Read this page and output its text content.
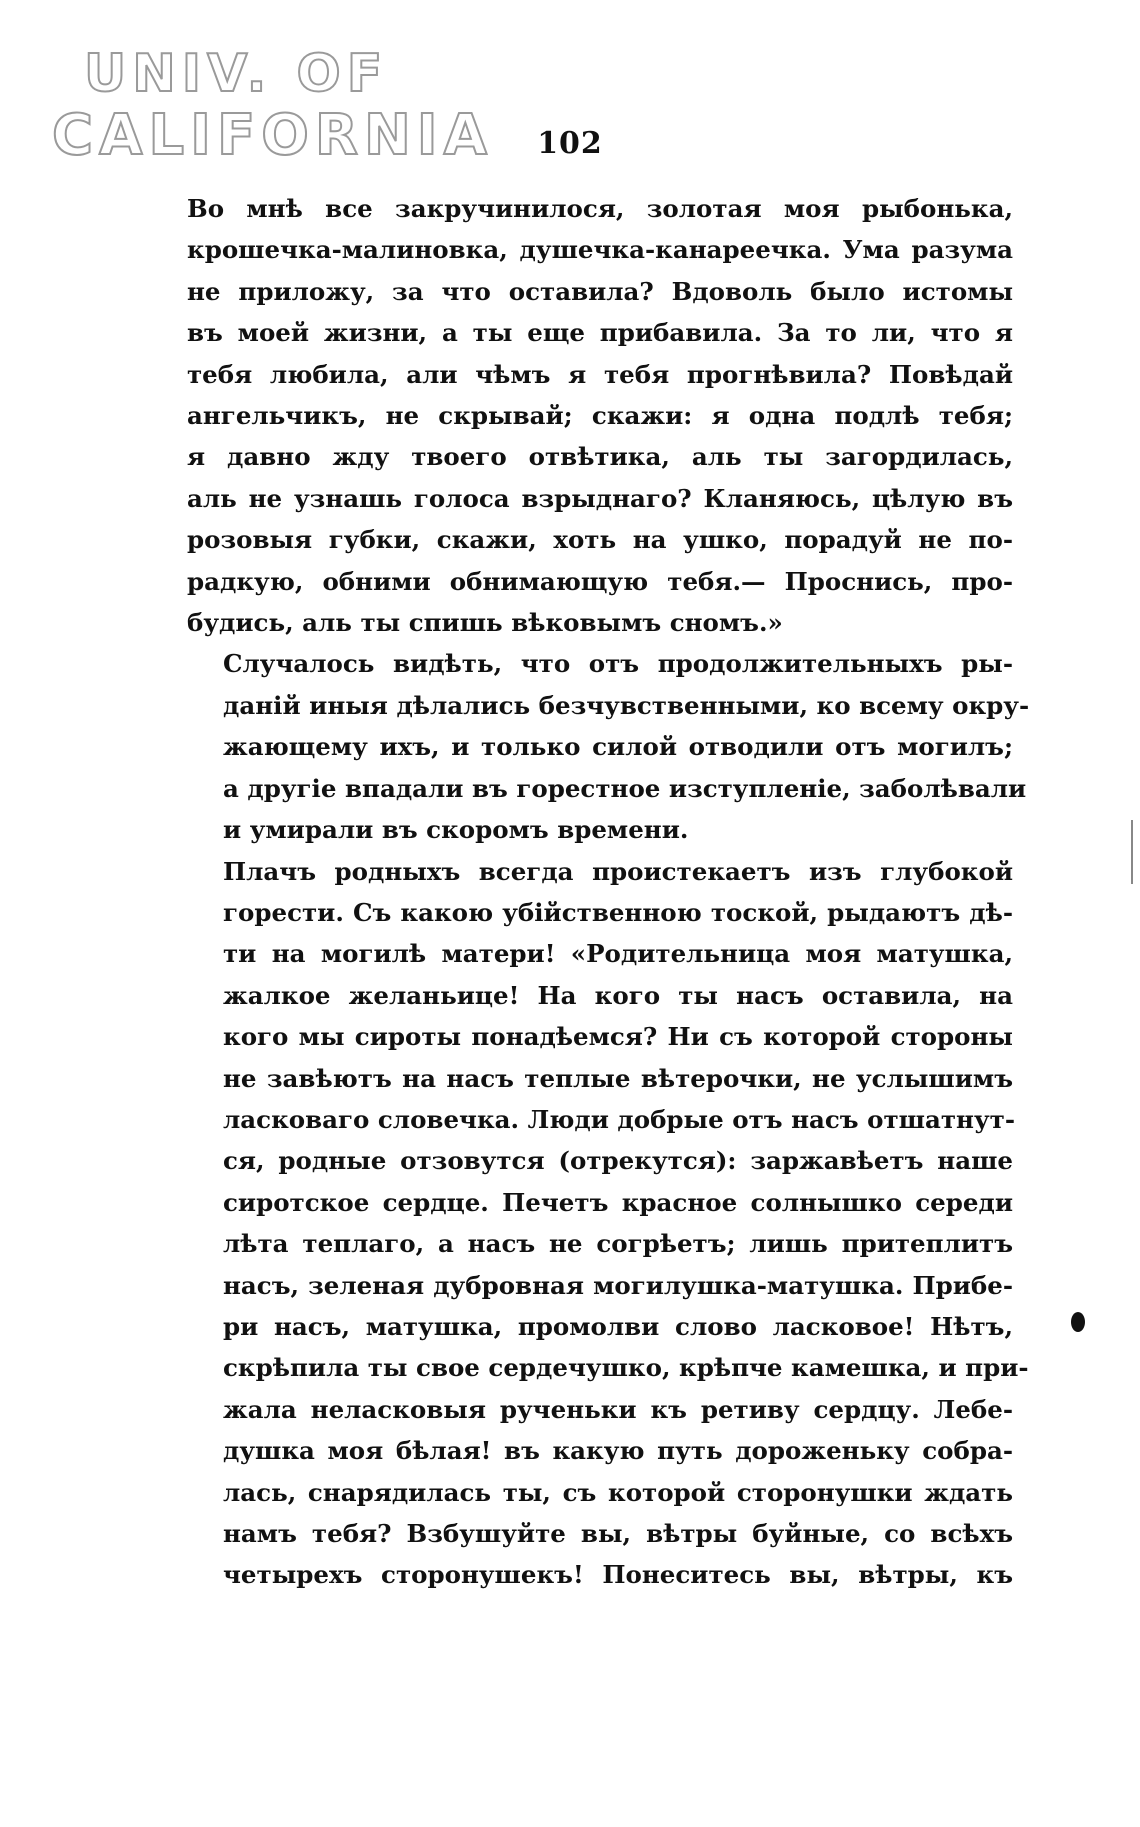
UNIV. OF
CALIFORNIA	102
Во мнѣ все закручинилося, золотая моя рыбонька,
крошечка-малиновка, душечка-канареечка. Ума разума
не приложу, за что оставила? Вдоволь было истомы
въ моей жизни, а ты еще прибавила. За то ли, что я
тебя любила, али чѣмъ я тебя прогнѣвила? Повѣдай
ангельчикъ, не скрывай; скажи: я одна подлѣ тебя;
я давно жду твоего отвѣтика, аль ты загордилась,
аль не узнашь голоса взрыднаго? Кланяюсь, цѣлую въ
розовыя губки, скажи, хоть на ушко, порадуй не по-
радкую, обними обнимающую тебя.— Проснись, про-
будись, аль ты спишь вѣковымъ сномъ.»
Случалось видѣть, что отъ продолжительныхъ ры-
даній иныя дѣлались безчувственными, ко всему окру-
жающему ихъ, и только силой отводили отъ могилъ;
а другіе впадали въ горестное изступленіе, заболѣвали
и умирали въ скоромъ времени.
Плачъ родныхъ всегда проистекаетъ изъ глубокой
горести. Съ какою убійственною тоской, рыдаютъ дѣ-
ти на могилѣ матери! «Родительница моя матушка,
жалкое желаньице! На кого ты насъ оставила, на
кого мы сироты понадѣемся? Ни съ которой стороны
не завѣютъ на насъ теплые вѣтерочки, не услышимъ
ласковаго словечка. Люди добрые отъ насъ отшатнут-
ся, родные отзовутся (отрекутся): заржавѣетъ наше
сиротское сердце. Печетъ красное солнышко середи
лѣта теплаго, а насъ не согрѣетъ; лишь притеплитъ
насъ, зеленая дубровная могилушка-матушка. Прибе-
ри насъ, матушка, промолви слово ласковое! Нѣтъ,
скрѣпила ты свое сердечушко, крѣпче камешка, и при-
жала неласковыя рученьки къ ретиву сердцу. Лебе-
душка моя бѣлая! въ какую путь дороженьку собра-
лась, снарядилась ты, съ которой сторонушки ждать
намъ тебя? Взбушуйте вы, вѣтры буйные, со всѣхъ
четырехъ сторонушекъ! Понеситесь вы, вѣтры, къ
